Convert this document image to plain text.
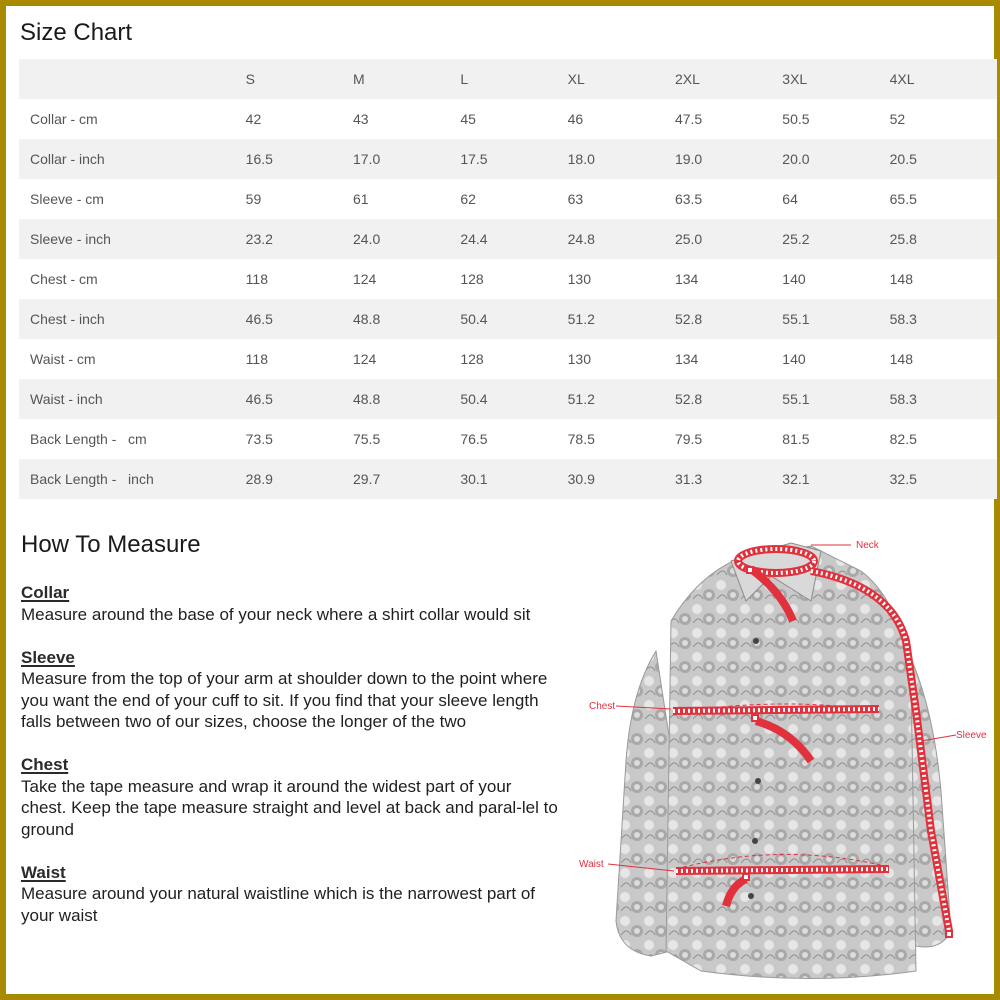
Size Chart
	S	M	L	XL	2XL	3XL	4XL
Collar - cm	42	43	45	46	47.5	50.5	52
Collar - inch	16.5	17.0	17.5	18.0	19.0	20.0	20.5
Sleeve - cm	59	61	62	63	63.5	64	65.5
Sleeve - inch	23.2	24.0	24.4	24.8	25.0	25.2	25.8
Chest - cm	118	124	128	130	134	140	148
Chest - inch	46.5	48.8	50.4	51.2	52.8	55.1	58.3
Waist - cm	118	124	128	130	134	140	148
Waist - inch	46.5	48.8	50.4	51.2	52.8	55.1	58.3
Back Length -   cm	73.5	75.5	76.5	78.5	79.5	81.5	82.5
Back Length -   inch	28.9	29.7	30.1	30.9	31.3	32.1	32.5
How To Measure
Collar
Measure around the base of your neck where a shirt collar would sit
Sleeve
Measure from the top of your arm at shoulder down to the point where you want the end of your cuff to sit. If you find that your sleeve length falls between two of our sizes, choose the longer of the two
Chest
Take the tape measure and wrap it around the widest part of your chest. Keep the tape measure straight and level at back and paral-lel to ground
Waist
Measure around your natural waistline which is the narrowest part of your waist
Neck
Chest
Sleeve
Waist
